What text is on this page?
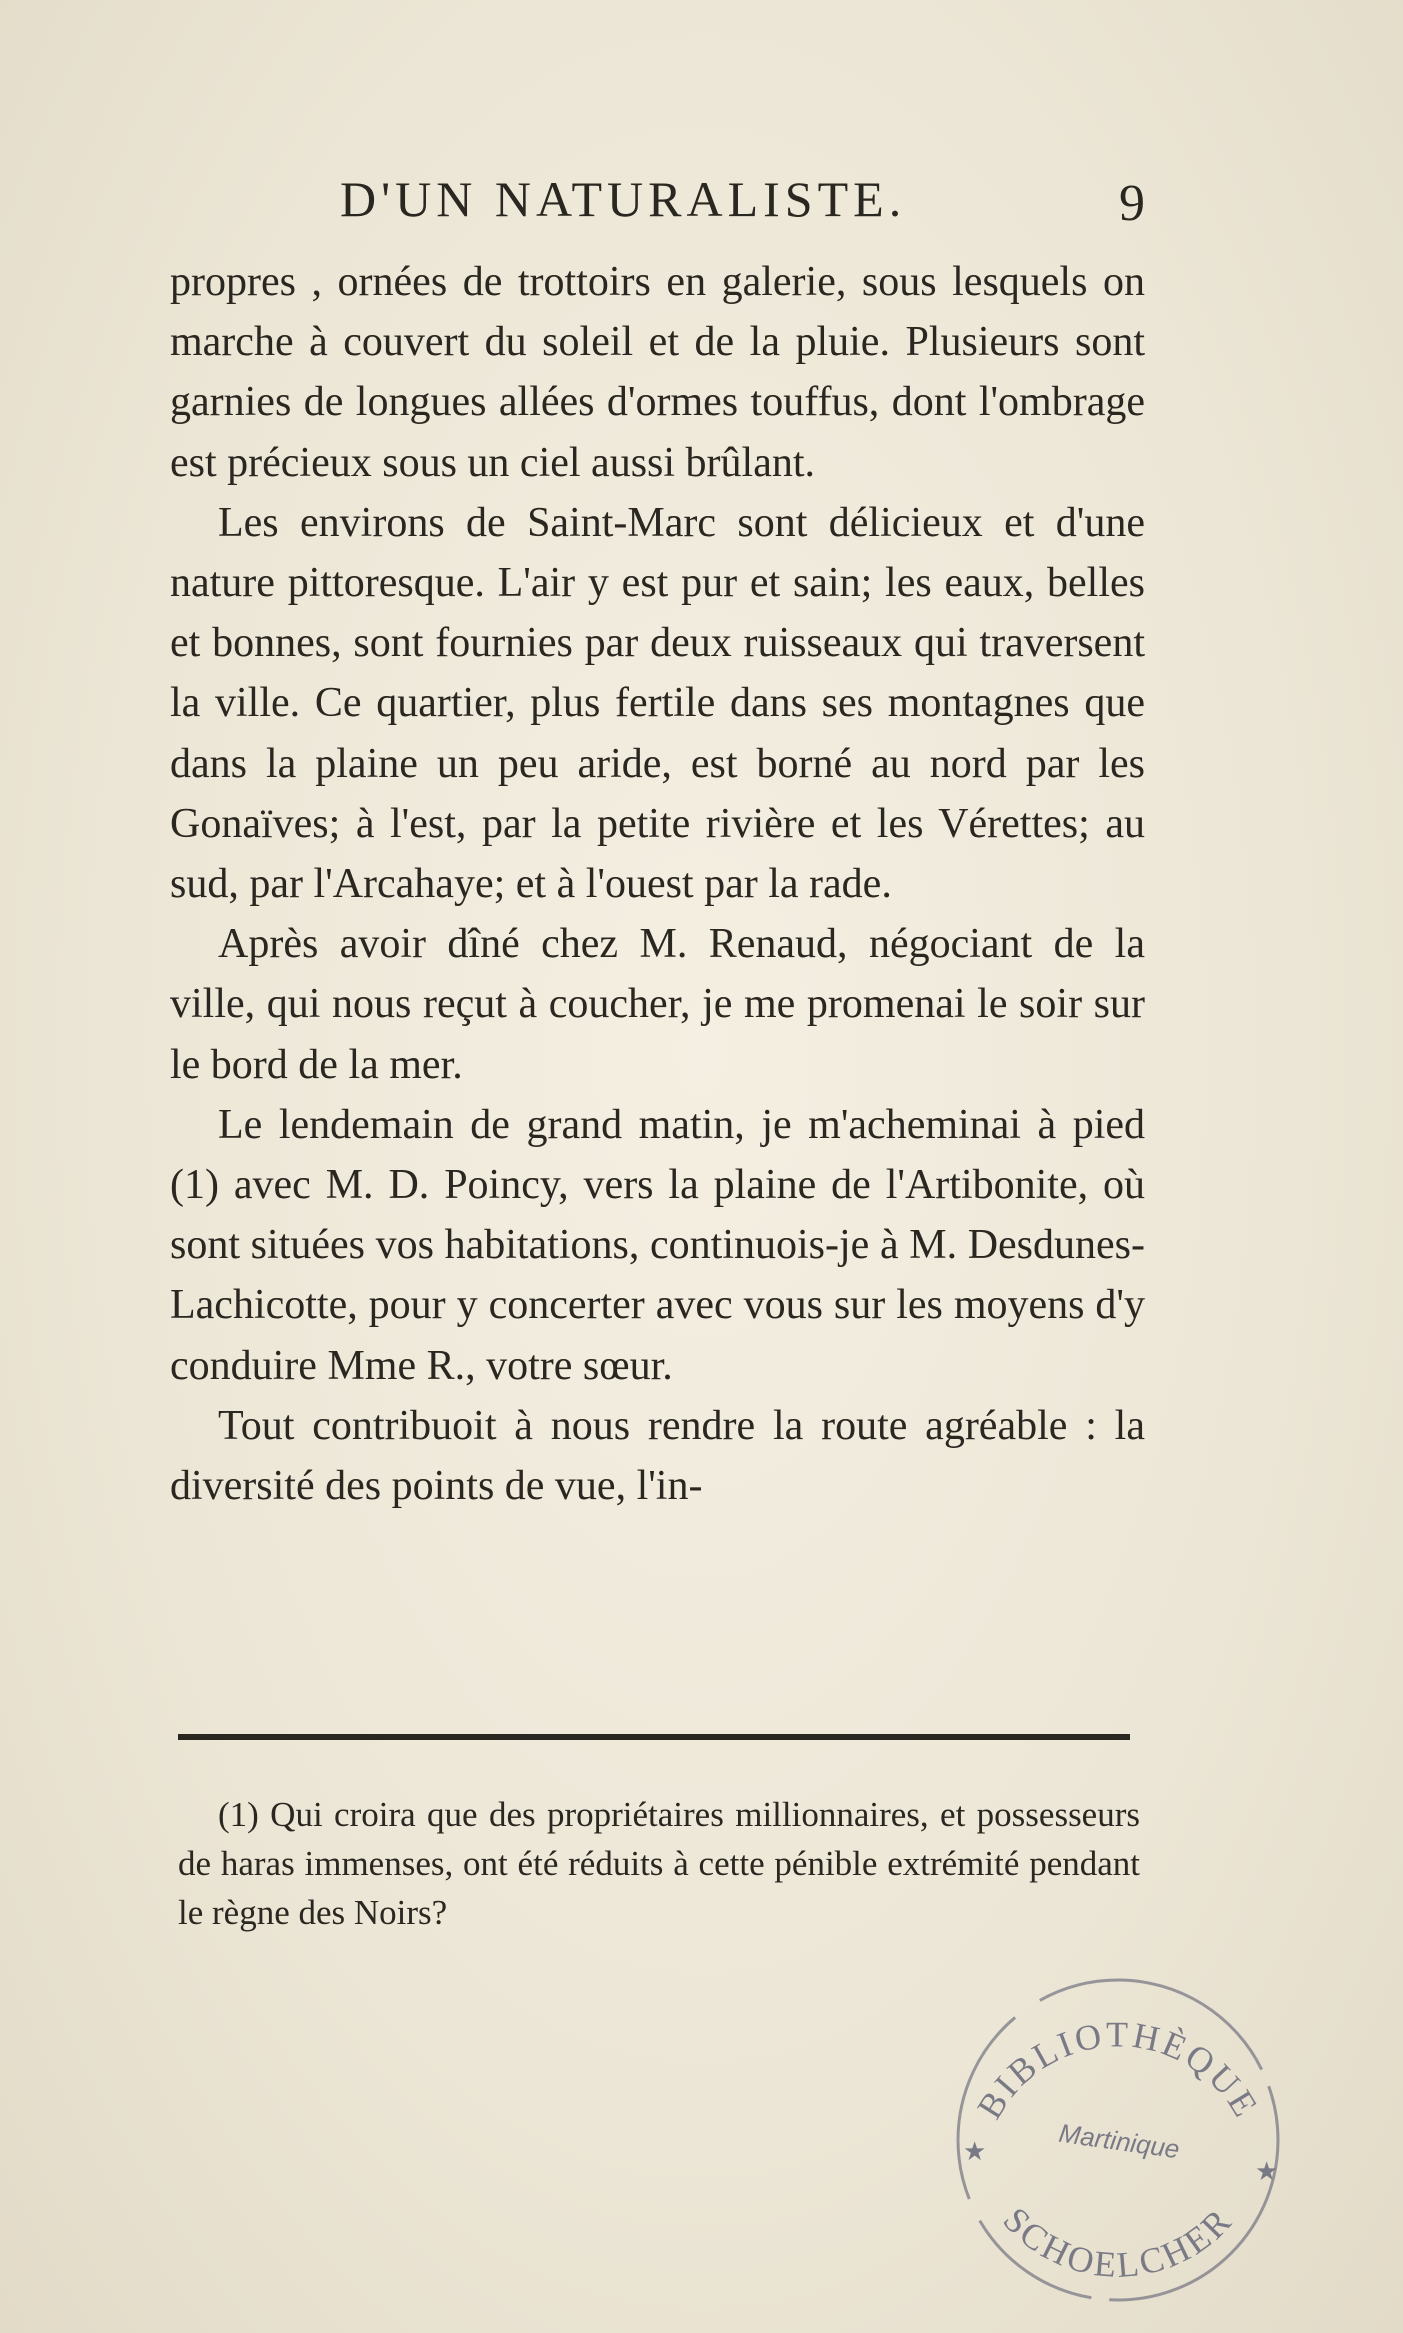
D'UN NATURALISTE.	9

propres , ornées de trottoirs en galerie, sous lesquels on marche à couvert du soleil et de la pluie. Plusieurs sont garnies de longues allées d'ormes touffus, dont l'ombrage est précieux sous un ciel aussi brûlant.

Les environs de Saint-Marc sont délicieux et d'une nature pittoresque. L'air y est pur et sain; les eaux, belles et bonnes, sont fournies par deux ruisseaux qui traversent la ville. Ce quartier, plus fertile dans ses montagnes que dans la plaine un peu aride, est borné au nord par les Gonaïves; à l'est, par la petite rivière et les Vérettes; au sud, par l'Arcahaye; et à l'ouest par la rade.

Après avoir dîné chez M. Renaud, négociant de la ville, qui nous reçut à coucher, je me promenai le soir sur le bord de la mer.

Le lendemain de grand matin, je m'acheminai à pied (1) avec M. D. Poincy, vers la plaine de l'Artibonite, où sont situées vos habitations, continuois-je à M. Desdunes-Lachicotte, pour y concerter avec vous sur les moyens d'y conduire Mme R., votre sœur.

Tout contribuoit à nous rendre la route agréable : la diversité des points de vue, l'in-

(1) Qui croira que des propriétaires millionnaires, et possesseurs de haras immenses, ont été réduits à cette pénible extrémité pendant le règne des Noirs?

BIBLIOTHÈQUE
SCHOELCHER
Martinique
★
★
